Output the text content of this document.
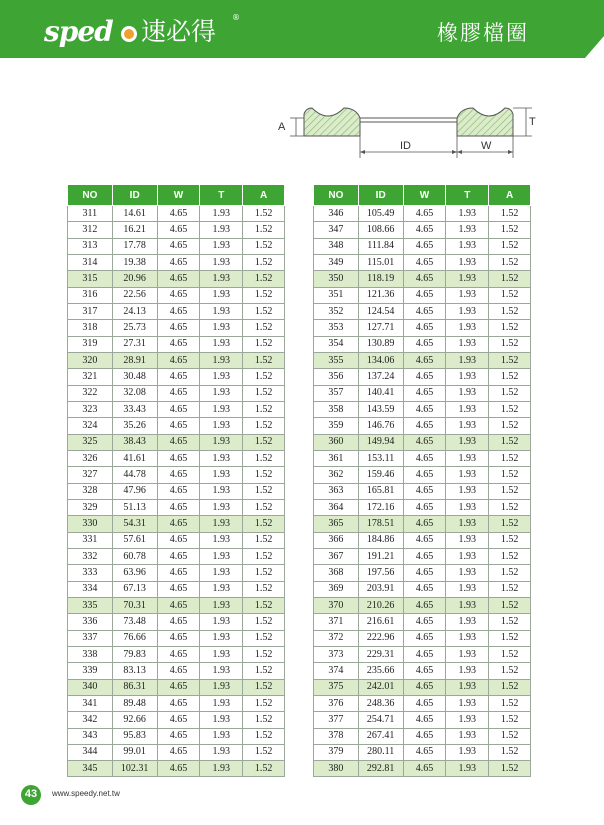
sped 速必得 ®
橡膠檔圈
A	T
ID	W
NO	ID	W	T	A
311	14.61	4.65	1.93	1.52
312	16.21	4.65	1.93	1.52
313	17.78	4.65	1.93	1.52
314	19.38	4.65	1.93	1.52
315	20.96	4.65	1.93	1.52
316	22.56	4.65	1.93	1.52
317	24.13	4.65	1.93	1.52
318	25.73	4.65	1.93	1.52
319	27.31	4.65	1.93	1.52
320	28.91	4.65	1.93	1.52
321	30.48	4.65	1.93	1.52
322	32.08	4.65	1.93	1.52
323	33.43	4.65	1.93	1.52
324	35.26	4.65	1.93	1.52
325	38.43	4.65	1.93	1.52
326	41.61	4.65	1.93	1.52
327	44.78	4.65	1.93	1.52
328	47.96	4.65	1.93	1.52
329	51.13	4.65	1.93	1.52
330	54.31	4.65	1.93	1.52
331	57.61	4.65	1.93	1.52
332	60.78	4.65	1.93	1.52
333	63.96	4.65	1.93	1.52
334	67.13	4.65	1.93	1.52
335	70.31	4.65	1.93	1.52
336	73.48	4.65	1.93	1.52
337	76.66	4.65	1.93	1.52
338	79.83	4.65	1.93	1.52
339	83.13	4.65	1.93	1.52
340	86.31	4.65	1.93	1.52
341	89.48	4.65	1.93	1.52
342	92.66	4.65	1.93	1.52
343	95.83	4.65	1.93	1.52
344	99.01	4.65	1.93	1.52
345	102.31	4.65	1.93	1.52
NO	ID	W	T	A
346	105.49	4.65	1.93	1.52
347	108.66	4.65	1.93	1.52
348	111.84	4.65	1.93	1.52
349	115.01	4.65	1.93	1.52
350	118.19	4.65	1.93	1.52
351	121.36	4.65	1.93	1.52
352	124.54	4.65	1.93	1.52
353	127.71	4.65	1.93	1.52
354	130.89	4.65	1.93	1.52
355	134.06	4.65	1.93	1.52
356	137.24	4.65	1.93	1.52
357	140.41	4.65	1.93	1.52
358	143.59	4.65	1.93	1.52
359	146.76	4.65	1.93	1.52
360	149.94	4.65	1.93	1.52
361	153.11	4.65	1.93	1.52
362	159.46	4.65	1.93	1.52
363	165.81	4.65	1.93	1.52
364	172.16	4.65	1.93	1.52
365	178.51	4.65	1.93	1.52
366	184.86	4.65	1.93	1.52
367	191.21	4.65	1.93	1.52
368	197.56	4.65	1.93	1.52
369	203.91	4.65	1.93	1.52
370	210.26	4.65	1.93	1.52
371	216.61	4.65	1.93	1.52
372	222.96	4.65	1.93	1.52
373	229.31	4.65	1.93	1.52
374	235.66	4.65	1.93	1.52
375	242.01	4.65	1.93	1.52
376	248.36	4.65	1.93	1.52
377	254.71	4.65	1.93	1.52
378	267.41	4.65	1.93	1.52
379	280.11	4.65	1.93	1.52
380	292.81	4.65	1.93	1.52
43	www.speedy.net.tw
